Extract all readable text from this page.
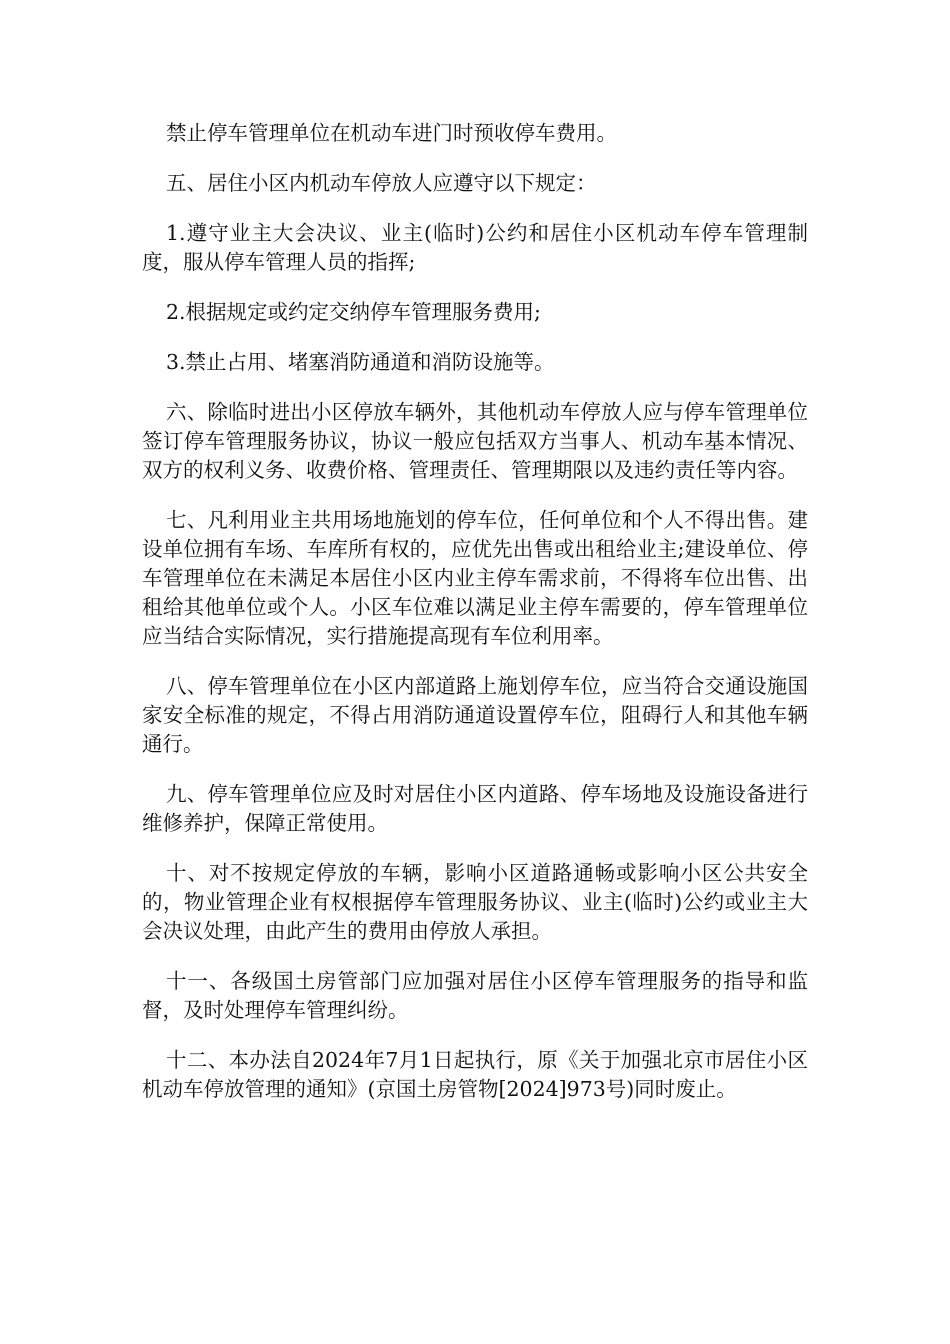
禁止停车管理单位在机动车进门时预收停车费用。

五、居住小区内机动车停放人应遵守以下规定：

1.遵守业主大会决议、业主(临时)公约和居住小区机动车停车管理制度，服从停车管理人员的指挥;

2.根据规定或约定交纳停车管理服务费用;

3.禁止占用、堵塞消防通道和消防设施等。

六、除临时进出小区停放车辆外，其他机动车停放人应与停车管理单位签订停车管理服务协议，协议一般应包括双方当事人、机动车基本情况、双方的权利义务、收费价格、管理责任、管理期限以及违约责任等内容。

七、凡利用业主共用场地施划的停车位，任何单位和个人不得出售。建设单位拥有车场、车库所有权的，应优先出售或出租给业主;建设单位、停车管理单位在未满足本居住小区内业主停车需求前，不得将车位出售、出租给其他单位或个人。小区车位难以满足业主停车需要的，停车管理单位应当结合实际情况，实行措施提高现有车位利用率。

八、停车管理单位在小区内部道路上施划停车位，应当符合交通设施国家安全标准的规定，不得占用消防通道设置停车位，阻碍行人和其他车辆通行。

九、停车管理单位应及时对居住小区内道路、停车场地及设施设备进行维修养护，保障正常使用。

十、对不按规定停放的车辆，影响小区道路通畅或影响小区公共安全的，物业管理企业有权根据停车管理服务协议、业主(临时)公约或业主大会决议处理，由此产生的费用由停放人承担。

十一、各级国土房管部门应加强对居住小区停车管理服务的指导和监督，及时处理停车管理纠纷。

十二、本办法自2024年7月1日起执行，原《关于加强北京市居住小区机动车停放管理的通知》(京国土房管物[2024]973号)同时废止。
